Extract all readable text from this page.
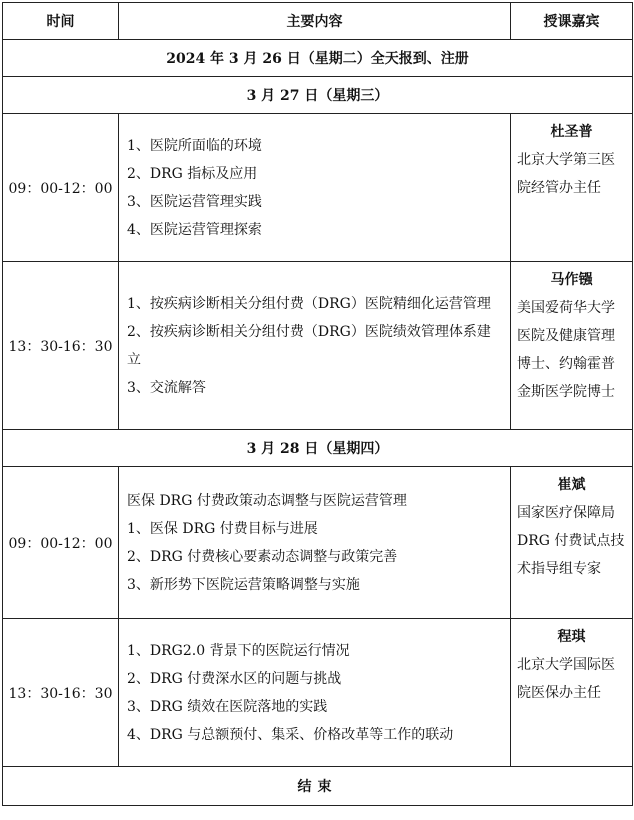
时间	主要内容	授课嘉宾
2024 年 3 月 26 日（星期二）全天报到、注册		
3 月 27 日（星期三）		
09：00-12：00	1、医院所面临的环境
2、DRG 指标及应用
3、医院运营管理实践
4、医院运营管理探索	杜圣普
北京大学第三医院经管办主任

13：30-16：30	1、按疾病诊断相关分组付费（DRG）医院精细化运营管理
2、按疾病诊断相关分组付费（DRG）医院绩效管理体系建立
3、交流解答	马作镪
美国爱荷华大学医院及健康管理博士、约翰霍普金斯医学院博士

3 月 28 日（星期四）		
09：00-12：00	医保 DRG 付费政策动态调整与医院运营管理
1、医保 DRG 付费目标与进展
2、DRG 付费核心要素动态调整与政策完善
3、新形势下医院运营策略调整与实施	崔斌
国家医疗保障局 DRG 付费试点技术指导组专家

13：30-16：30	1、DRG2.0 背景下的医院运行情况
2、DRG 付费深水区的问题与挑战
3、DRG 绩效在医院落地的实践
4、DRG 与总额预付、集采、价格改革等工作的联动	程琪
北京大学国际医院医保办主任

结束		
